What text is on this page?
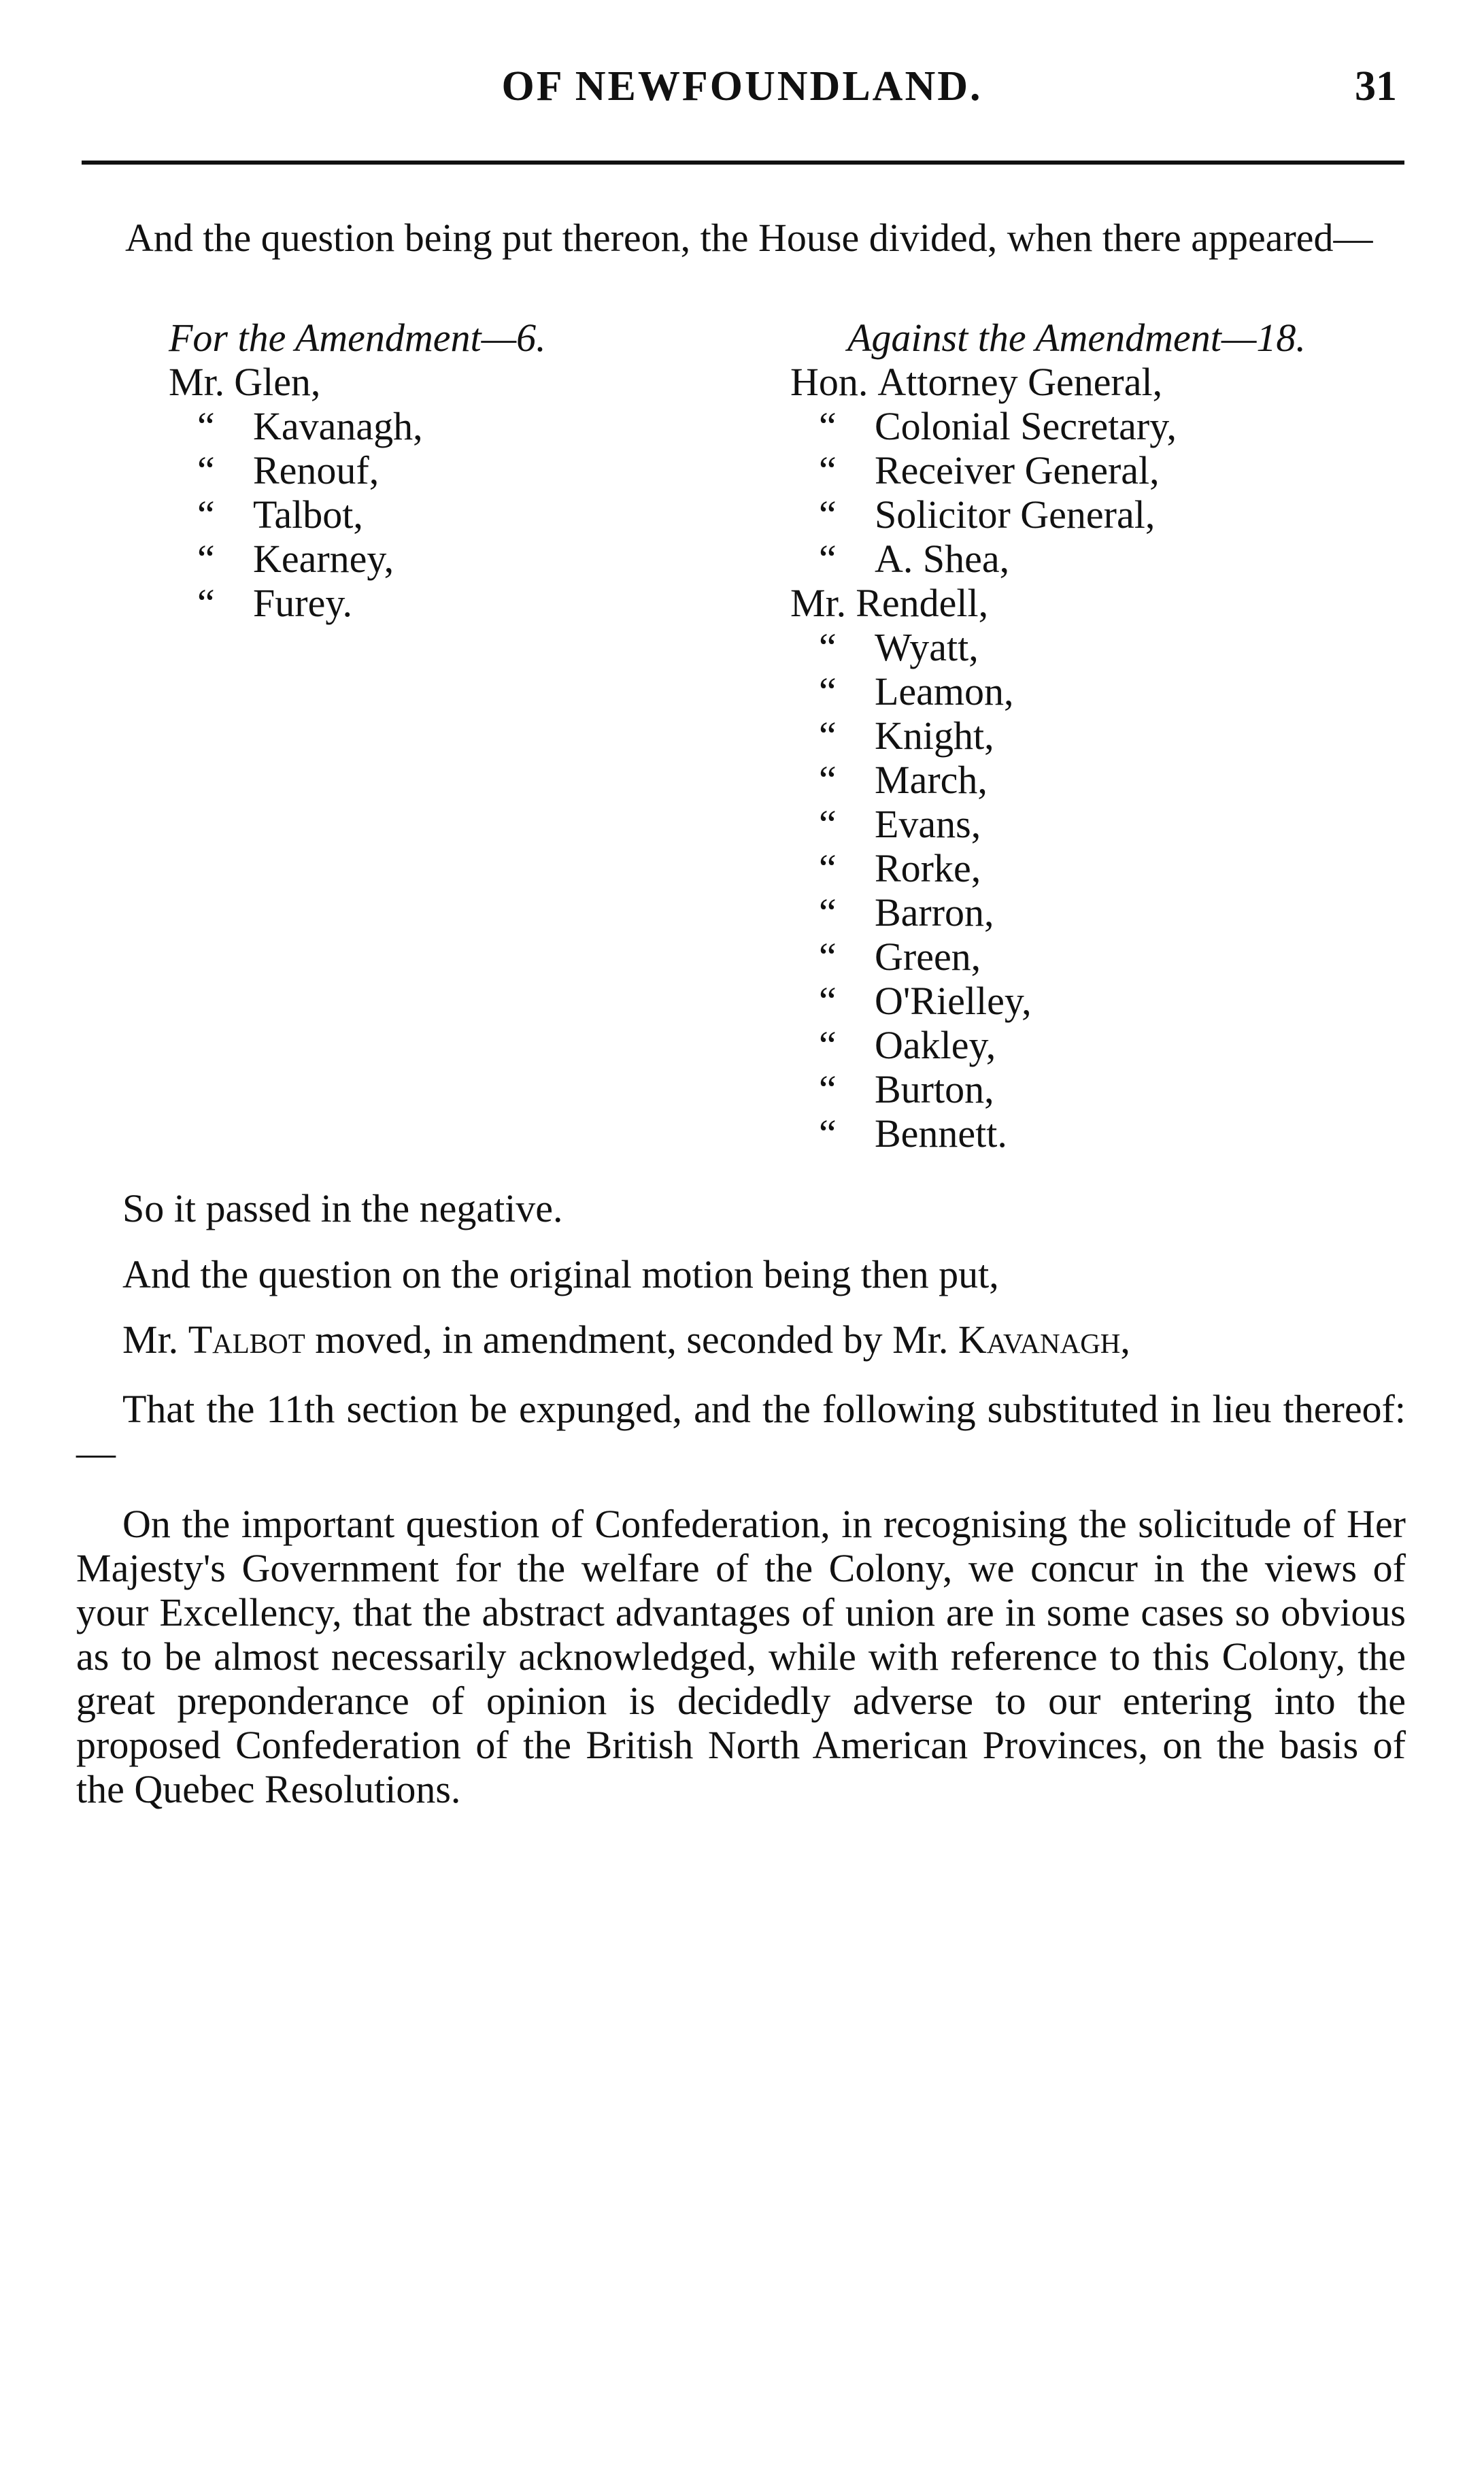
OF NEWFOUNDLAND.	31

And the question being put thereon, the House divided, when there appeared—

For the Amendment—6.
Mr. Glen,
“ Kavanagh,
“ Renouf,
“ Talbot,
“ Kearney,
“ Furey.
Against the Amendment—18.
Hon. Attorney General,
“ Colonial Secretary,
“ Receiver General,
“ Solicitor General,
“ A. Shea,
Mr. Rendell,
“ Wyatt,
“ Leamon,
“ Knight,
“ March,
“ Evans,
“ Rorke,
“ Barron,
“ Green,
“ O'Rielley,
“ Oakley,
“ Burton,
“ Bennett.

So it passed in the negative.

And the question on the original motion being then put,

Mr. Talbot moved, in amendment, seconded by Mr. Kavanagh,

That the 11th section be expunged, and the following substituted in lieu thereof:—

On the important question of Confederation, in recognising the solicitude of Her Majesty's Government for the welfare of the Colony, we concur in the views of your Excellency, that the abstract advantages of union are in some cases so obvious as to be almost necessarily acknowledged, while with reference to this Colony, the great preponderance of opinion is decidedly adverse to our entering into the proposed Confederation of the British North American Provinces, on the basis of the Quebec Resolutions.
